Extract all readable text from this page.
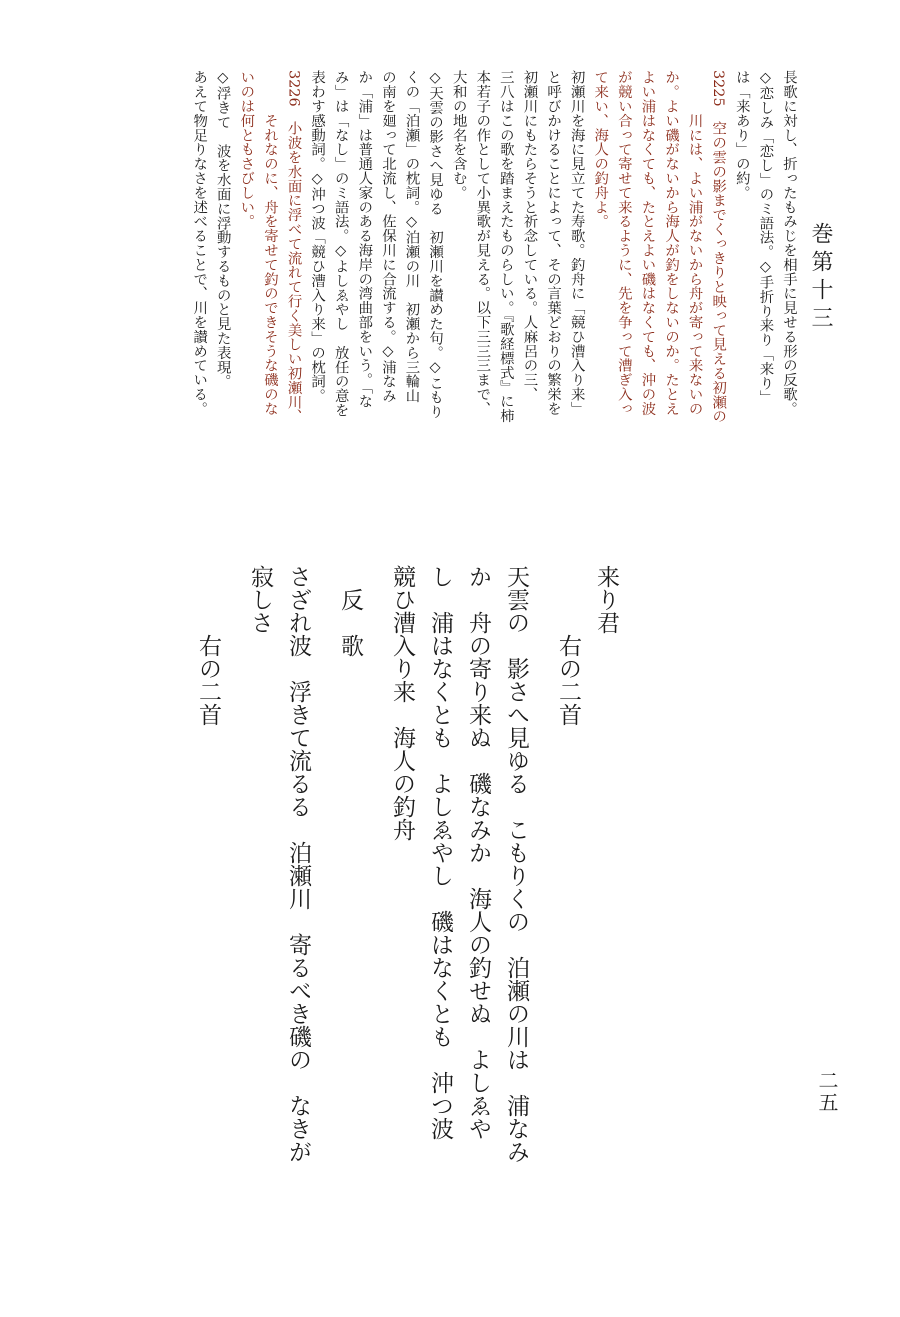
巻第十三
長歌に対し、折ったもみじを相手に見せる形の反歌。
◇恋しみ「恋し」のミ語法。◇手折り来り「来り」
は「来あり」の約。
3225　空の雲の影までくっきりと映って見える初瀬の
　　　川には、よい浦がないから舟が寄って来ないの
か。よい磯がないから海人が釣をしないのか。たとえ
よい浦はなくても、たとえよい磯はなくても、沖の波
が競い合って寄せて来るように、先を争って漕ぎ入っ
て来い、海人の釣舟よ。
初瀬川を海に見立てた寿歌。釣舟に「競ひ漕入り来」
と呼びかけることによって、その言葉どおりの繁栄を
初瀬川にもたらそうと祈念している。人麻呂の三、
三八はこの歌を踏まえたものらしい。『歌経標式』に柿
本若子の作として小異歌が見える。以下三三三まで、
大和の地名を含む。
◇天雲の影さへ見ゆる　初瀬川を讃めた句。◇こもり
くの「泊瀬」の枕詞。◇泊瀬の川　初瀬から三輪山
の南を廻って北流し、佐保川に合流する。◇浦なみ
か「浦」は普通人家のある海岸の湾曲部をいう。「な
み」は「なし」のミ語法。◇よしゑやし　放任の意を
表わす感動詞。◇沖つ波「競ひ漕入り来」の枕詞。
3226　小波を水面に浮べて流れて行く美しい初瀬川、
　　　それなのに、舟を寄せて釣のできそうな磯のな
いのは何ともさびしい。
◇浮きて　波を水面に浮動するものと見た表現。
あえて物足りなさを述べることで、川を讃めている。
来り君
　　　右の二首

天雲の　影さへ見ゆる　こもりくの　泊瀬の川は　浦なみ
か　舟の寄り来ぬ　磯なみか　海人の釣せぬ　よしゑや
し　浦はなくとも　よしゑやし　磯はなくとも　沖つ波
競ひ漕入り来　海人の釣舟

　反　歌

さざれ波　浮きて流るる　泊瀬川　寄るべき磯の　なきが
寂しさ

　　　右の二首
二五
